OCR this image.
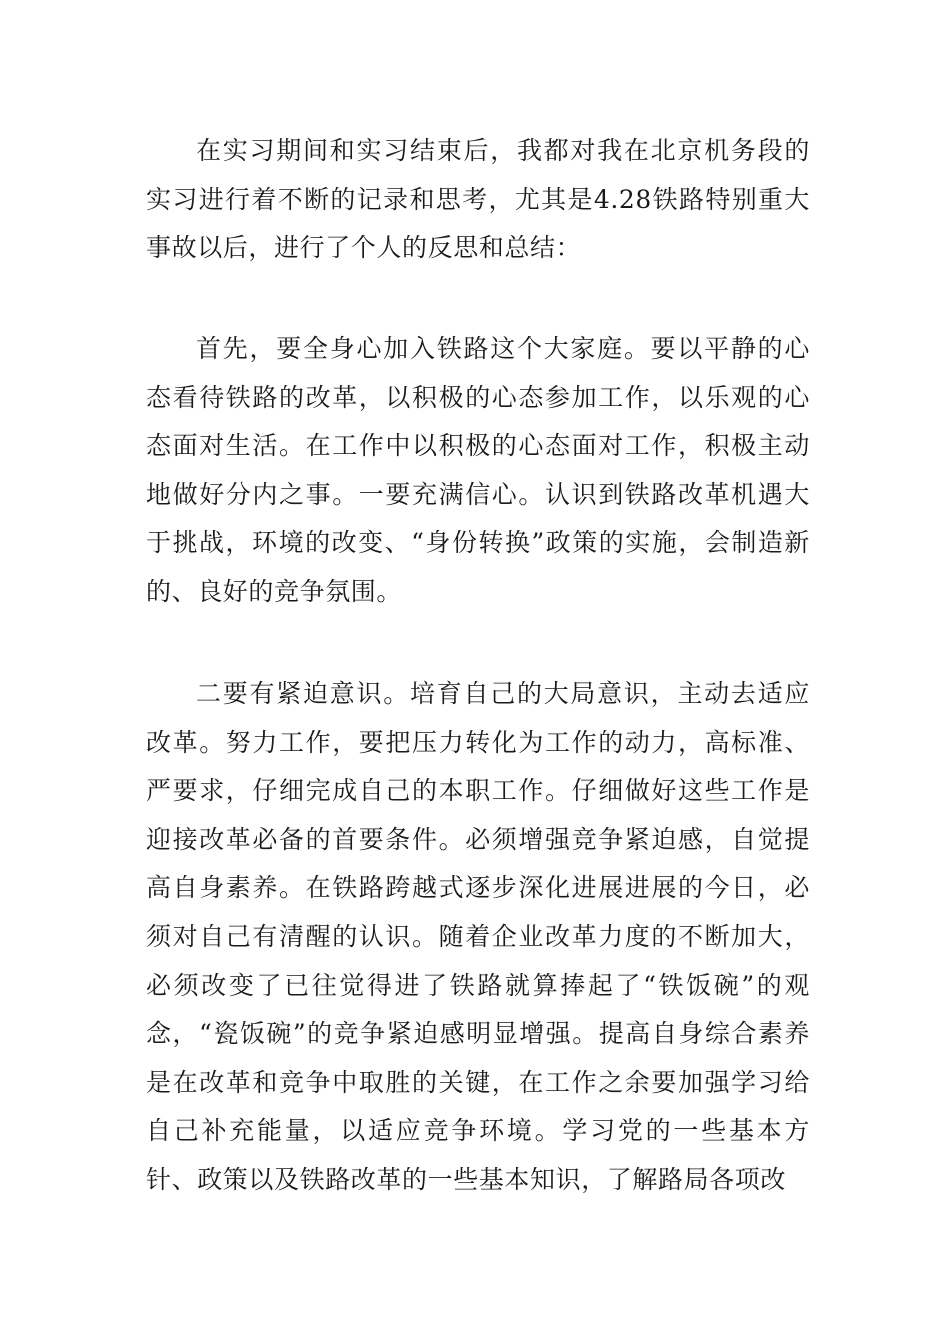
在实习期间和实习结束后，我都对我在北京机务段的实习进行着不断的记录和思考，尤其是4.28铁路特别重大事故以后，进行了个人的反思和总结：

首先，要全身心加入铁路这个大家庭。要以平静的心态看待铁路的改革，以积极的心态参加工作，以乐观的心态面对生活。在工作中以积极的心态面对工作，积极主动地做好分内之事。一要充满信心。认识到铁路改革机遇大于挑战，环境的改变、“身份转换”政策的实施，会制造新的、良好的竞争氛围。

二要有紧迫意识。培育自己的大局意识，主动去适应改革。努力工作，要把压力转化为工作的动力，高标准、严要求，仔细完成自己的本职工作。仔细做好这些工作是迎接改革必备的首要条件。必须增强竞争紧迫感，自觉提高自身素养。在铁路跨越式逐步深化进展进展的今日，必须对自己有清醒的认识。随着企业改革力度的不断加大，必须改变了已往觉得进了铁路就算捧起了“铁饭碗”的观念，“瓷饭碗”的竞争紧迫感明显增强。提高自身综合素养是在改革和竞争中取胜的关键，在工作之余要加强学习给自己补充能量，以适应竞争环境。学习党的一些基本方针、政策以及铁路改革的一些基本知识，了解路局各项改
